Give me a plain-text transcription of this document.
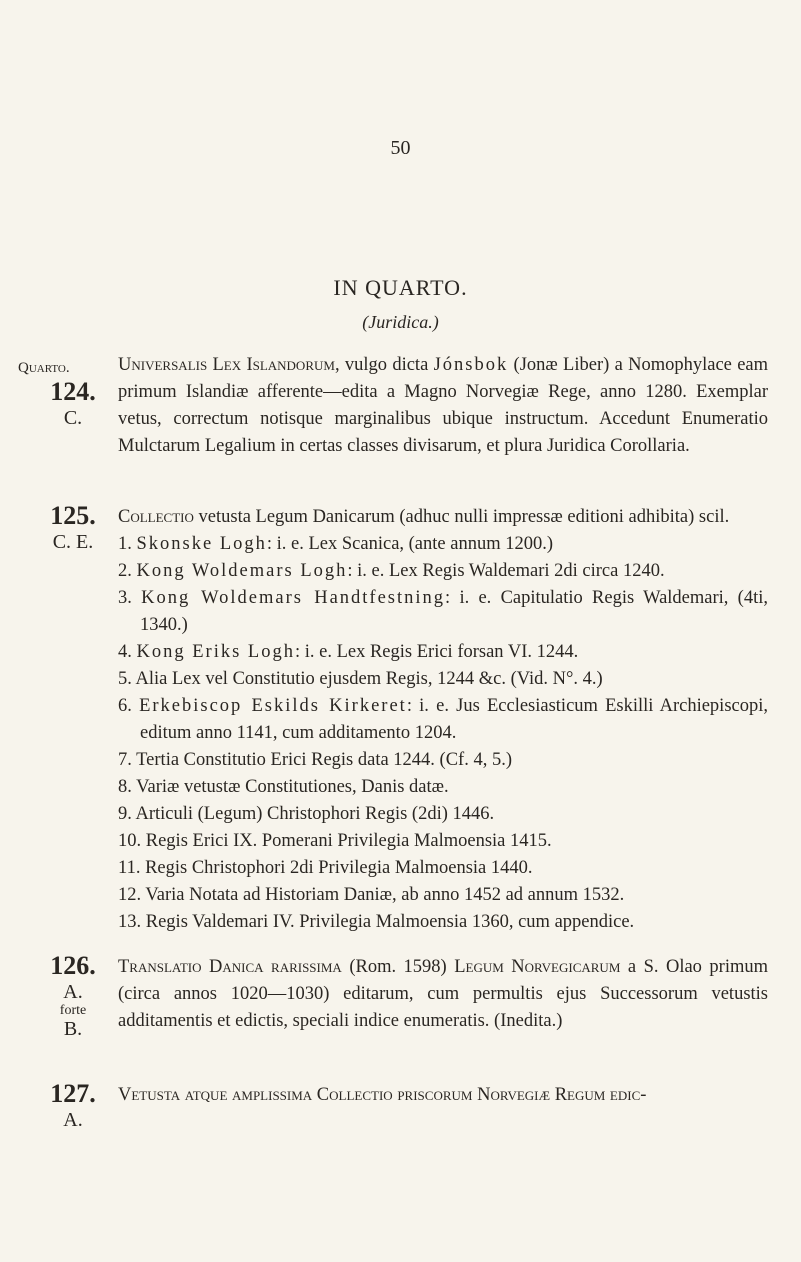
50
IN QUARTO.
(Juridica.)
Quarto.
124.
C.
Universalis Lex Islandorum, vulgo dicta Jónsbok (Jonæ Liber) a Nomophylace eam primum Islandiæ afferente—edita a Magno Norvegiæ Rege, anno 1280. Exemplar vetus, correctum notisque marginalibus ubique instructum. Accedunt Enumeratio Mulctarum Legalium in certas classes divisarum, et plura Juridica Corollaria.
125.
C. E.
Collectio vetusta Legum Danicarum (adhuc nulli impressæ editioni adhibita) scil.
1. Skonske Logh: i. e. Lex Scanica, (ante annum 1200.)
2. Kong Woldemars Logh: i. e. Lex Regis Waldemari 2di circa 1240.
3. Kong Woldemars Handtfestning: i. e. Capitulatio Regis Waldemari, (4ti, 1340.)
4. Kong Eriks Logh: i. e. Lex Regis Erici forsan VI. 1244.
5. Alia Lex vel Constitutio ejusdem Regis, 1244 &c. (Vid. N°. 4.)
6. Erkebiscop Eskilds Kirkeret: i. e. Jus Ecclesiasticum Eskilli Archiepiscopi, editum anno 1141, cum additamento 1204.
7. Tertia Constitutio Erici Regis data 1244. (Cf. 4, 5.)
8. Variæ vetustæ Constitutiones, Danis datæ.
9. Articuli (Legum) Christophori Regis (2di) 1446.
10. Regis Erici IX. Pomerani Privilegia Malmoensia 1415.
11. Regis Christophori 2di Privilegia Malmoensia 1440.
12. Varia Notata ad Historiam Daniæ, ab anno 1452 ad annum 1532.
13. Regis Valdemari IV. Privilegia Malmoensia 1360, cum appendice.
126.
A.
forte
B.
Translatio Danica rarissima (Rom. 1598) Legum Norvegicarum a S. Olao primum (circa annos 1020—1030) editarum, cum permultis ejus Successorum vetustis additamentis et edictis, speciali indice enumeratis. (Inedita.)
127.
A.
Vetusta atque amplissima Collectio priscorum Norvegiæ Regum edic-
